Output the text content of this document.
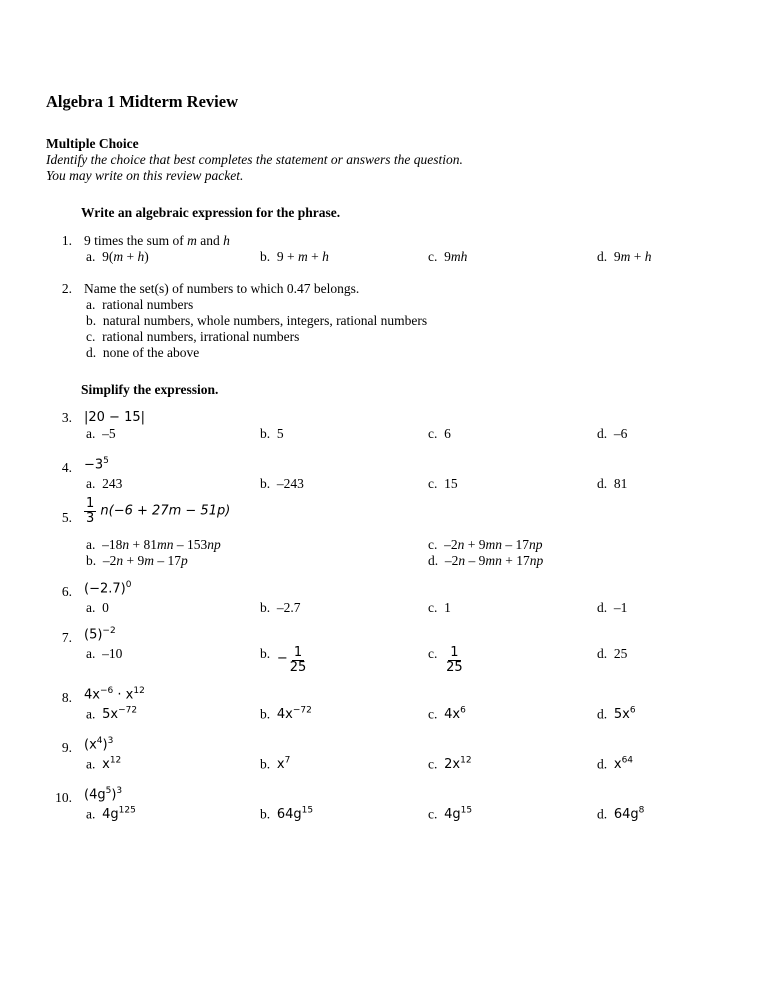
Algebra 1 Midterm Review
Multiple Choice
Identify the choice that best completes the statement or answers the question.
You may write on this review packet.
Write an algebraic expression for the phrase.
1. 9 times the sum of m and h
a.  9(m + h)	b.  9 + m + h	c.  9mh	d.  9m + h
2. Name the set(s) of numbers to which 0.47 belongs.
a. rational numbers
b. natural numbers, whole numbers, integers, rational numbers
c. rational numbers, irrational numbers
d. none of the above
Simplify the expression.
3. |20 − 15|
a. –5	b. 5	c. 6	d. –6
4. $-3^5$
a. 243	b. –243	c. 15	d. 81
5. $\frac{1}{3} n(-6 + 27m - 51p)$
a.  –18n + 81mn – 153np
b.  –2n + 9m – 17p
c.  –2n + 9mn – 17np
d.  –2n – 9mn + 17np
6. $(-2.7)^0$
a. 0	b. –2.7	c. 1	d. –1
7. $(5)^{-2}$
a. –10	b. − $\frac{1}{25}$	c. $\frac{1}{25}$	d. 25
8. $4x^{-6} \cdot x^{12}$
a. $5x^{-72}$	b. $4x^{-72}$	c. $4x^6$	d. $5x^6$
9. $(x^4)^3$
a. $x^{12}$	b. $x^7$	c. $2x^{12}$	d. $x^{64}$
10. $(4g^5)^3$
a. $4g^{125}$	b. $64g^{15}$	c. $4g^{15}$	d. $64g^8$
